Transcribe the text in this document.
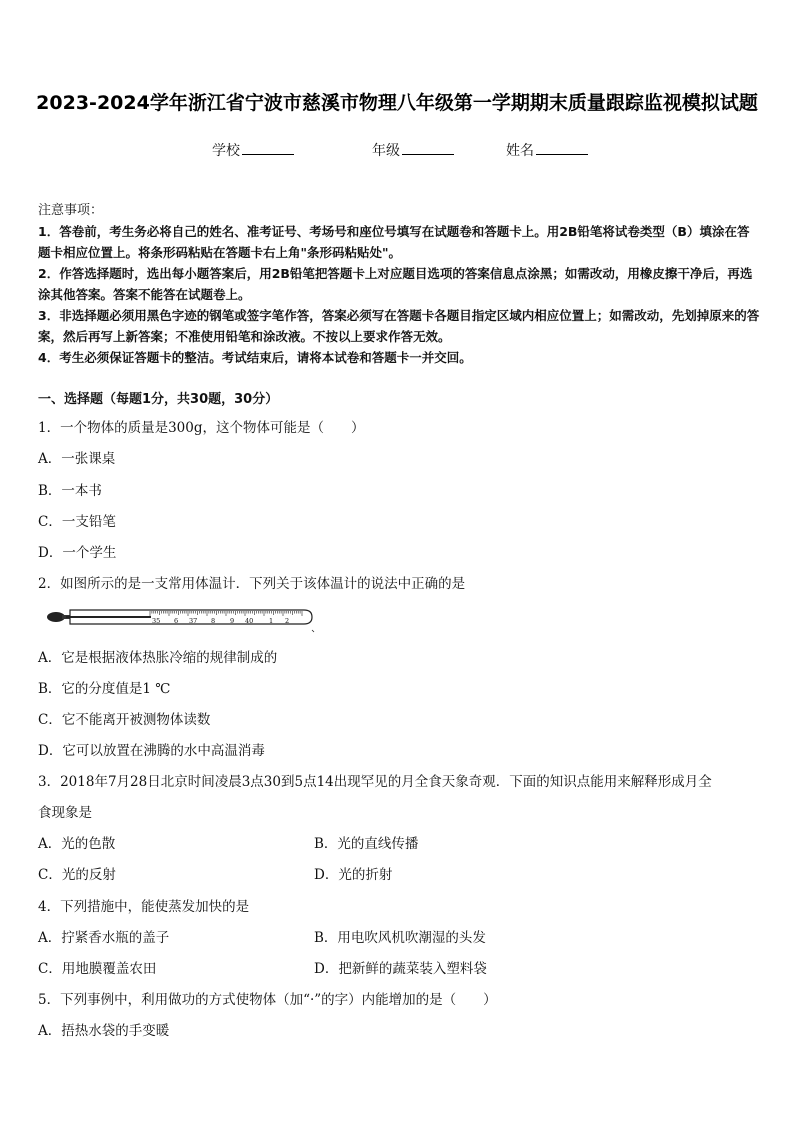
2023-2024学年浙江省宁波市慈溪市物理八年级第一学期期末质量跟踪监视模拟试题
学校	年级	姓名

注意事项：

1．答卷前，考生务必将自己的姓名、准考证号、考场号和座位号填写在试题卷和答题卡上。用2B铅笔将试卷类型（B）填涂在答题卡相应位置上。将条形码粘贴在答题卡右上角"条形码粘贴处"。

2．作答选择题时，选出每小题答案后，用2B铅笔把答题卡上对应题目选项的答案信息点涂黑；如需改动，用橡皮擦干净后，再选涂其他答案。答案不能答在试题卷上。

3．非选择题必须用黑色字迹的钢笔或签字笔作答，答案必须写在答题卡各题目指定区域内相应位置上；如需改动，先划掉原来的答案，然后再写上新答案；不准使用铅笔和涂改液。不按以上要求作答无效。

4．考生必须保证答题卡的整洁。考试结束后，请将本试卷和答题卡一并交回。

一、选择题（每题1分，共30题，30分）
1．一个物体的质量是300g，这个物体可能是（　　）
A．一张课桌
B．一本书
C．一支铅笔
D．一个学生
2．如图所示的是一支常用体温计．下列关于该体温计的说法中正确的是
35 6 37 8 9 40 1 2
A．它是根据液体热胀冷缩的规律制成的
B．它的分度值是1 ℃
C．它不能离开被测物体读数
D．它可以放置在沸腾的水中高温消毒
3．2018年7月28日北京时间凌晨3点30到5点14出现罕见的月全食天象奇观．下面的知识点能用来解释形成月全
食现象是
A．光的色散	B．光的直线传播
C．光的反射	D．光的折射
4．下列措施中，能使蒸发加快的是
A．拧紧香水瓶的盖子	B．用电吹风机吹潮湿的头发
C．用地膜覆盖农田	D．把新鲜的蔬菜装入塑料袋
5．下列事例中，利用做功的方式使物体（加“·”的字）内能增加的是（　　）
A．捂热水袋的手变暖
